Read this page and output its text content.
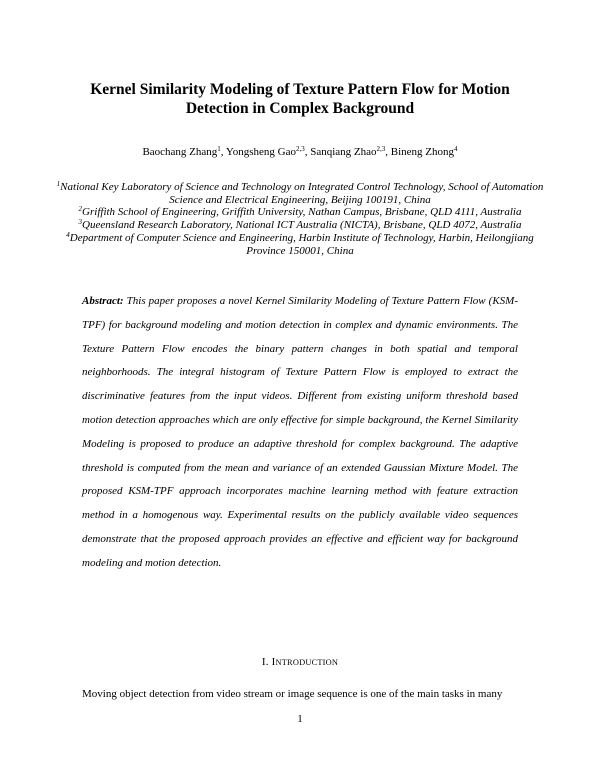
Kernel Similarity Modeling of Texture Pattern Flow for Motion Detection in Complex Background
Baochang Zhang$^1$, Yongsheng Gao$^{2,3}$, Sanqiang Zhao$^{2,3}$, Bineng Zhong$^4$
$^1$National Key Laboratory of Science and Technology on Integrated Control Technology, School of Automation Science and Electrical Engineering, Beijing 100191, China
$^2$Griffith School of Engineering, Griffith University, Nathan Campus, Brisbane, QLD 4111, Australia
$^3$Queensland Research Laboratory, National ICT Australia (NICTA), Brisbane, QLD 4072, Australia
$^4$Department of Computer Science and Engineering, Harbin Institute of Technology, Harbin, Heilongjiang Province 150001, China
Abstract: This paper proposes a novel Kernel Similarity Modeling of Texture Pattern Flow (KSM-TPF) for background modeling and motion detection in complex and dynamic environments. The Texture Pattern Flow encodes the binary pattern changes in both spatial and temporal neighborhoods. The integral histogram of Texture Pattern Flow is employed to extract the discriminative features from the input videos. Different from existing uniform threshold based motion detection approaches which are only effective for simple background, the Kernel Similarity Modeling is proposed to produce an adaptive threshold for complex background. The adaptive threshold is computed from the mean and variance of an extended Gaussian Mixture Model. The proposed KSM-TPF approach incorporates machine learning method with feature extraction method in a homogenous way. Experimental results on the publicly available video sequences demonstrate that the proposed approach provides an effective and efficient way for background modeling and motion detection.
I. INTRODUCTION
Moving object detection from video stream or image sequence is one of the main tasks in many
1
